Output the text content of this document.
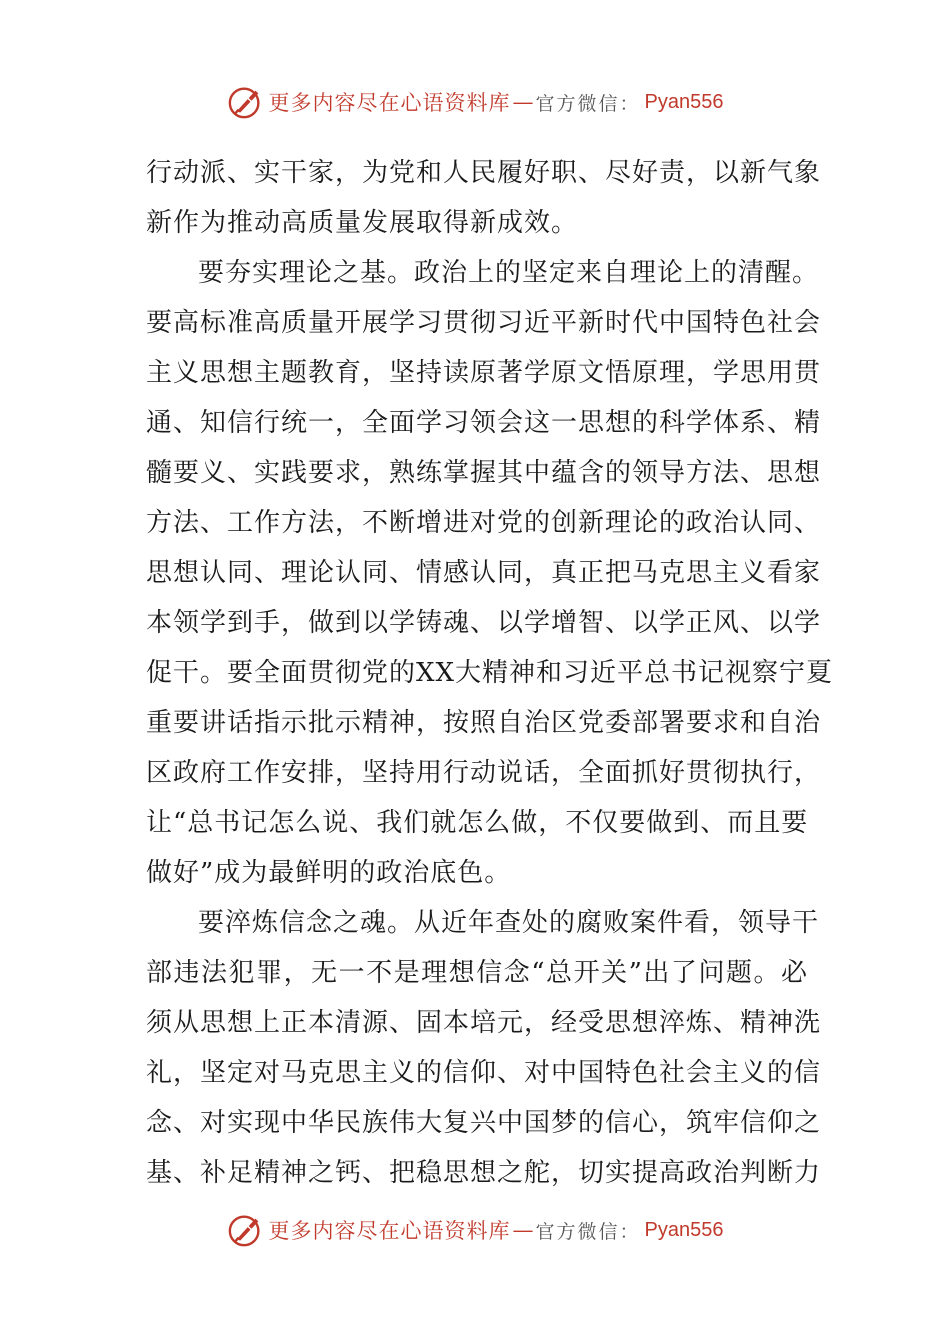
更多内容尽在心语资料库 — 官方微信： Pyan556
行动派、实干家，为党和人民履好职、尽好责，以新气象
新作为推动高质量发展取得新成效。
要夯实理论之基。政治上的坚定来自理论上的清醒。
要高标准高质量开展学习贯彻习近平新时代中国特色社会
主义思想主题教育，坚持读原著学原文悟原理，学思用贯
通、知信行统一，全面学习领会这一思想的科学体系、精
髓要义、实践要求，熟练掌握其中蕴含的领导方法、思想
方法、工作方法，不断增进对党的创新理论的政治认同、
思想认同、理论认同、情感认同，真正把马克思主义看家
本领学到手，做到以学铸魂、以学增智、以学正风、以学
促干。要全面贯彻党的XX大精神和习近平总书记视察宁夏
重要讲话指示批示精神，按照自治区党委部署要求和自治
区政府工作安排，坚持用行动说话，全面抓好贯彻执行，
让“总书记怎么说、我们就怎么做，不仅要做到、而且要
做好”成为最鲜明的政治底色。
要淬炼信念之魂。从近年查处的腐败案件看，领导干
部违法犯罪，无一不是理想信念“总开关”出了问题。必
须从思想上正本清源、固本培元，经受思想淬炼、精神洗
礼，坚定对马克思主义的信仰、对中国特色社会主义的信
念、对实现中华民族伟大复兴中国梦的信心，筑牢信仰之
基、补足精神之钙、把稳思想之舵，切实提高政治判断力
更多内容尽在心语资料库 — 官方微信： Pyan556
